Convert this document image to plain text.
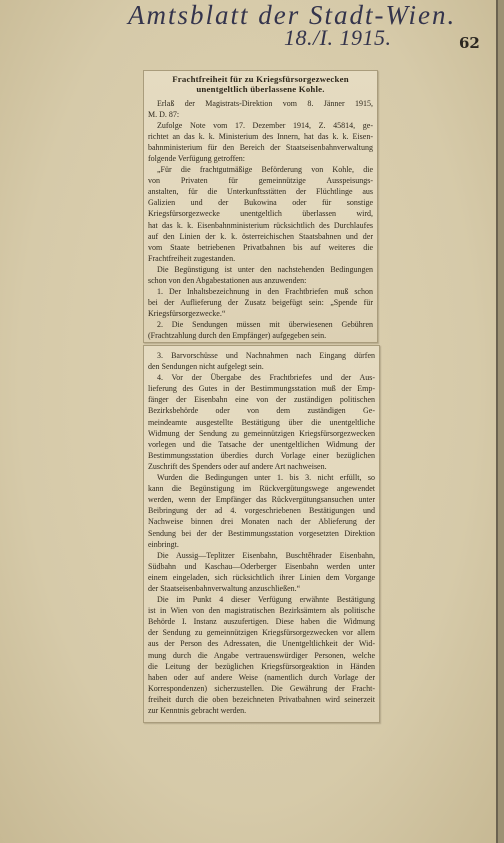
Amtsblatt der Stadt-Wien.
18./I. 1915.	62
Frachtfreiheit für zu Kriegsfürsorgezwecken
unentgeltlich überlassene Kohle.
Erlaß der Magistrats-Direktion vom 8. Jänner 1915,
M. D. 87:
Zufolge Note vom 17. Dezember 1914, Z. 45814, ge-
richtet an das k. k. Ministerium des Innern, hat das k. k. Eisen-
bahnministerium für den Bereich der Staatseisenbahnverwaltung
folgende Verfügung getroffen:
„Für die frachtgutmäßige Beförderung von Kohle, die
von Privaten für gemeinnützige Ausspeisungs-
anstalten, für die Unterkunftsstätten der Flüchtlinge aus
Galizien und der Bukowina oder für sonstige
Kriegsfürsorgezwecke unentgeltlich überlassen wird,
hat das k. k. Eisenbahnministerium rücksichtlich des Durchlaufes
auf den Linien der k. k. österreichischen Staatsbahnen und der
vom Staate betriebenen Privatbahnen bis auf weiteres die
Frachtfreiheit zugestanden.
Die Begünstigung ist unter den nachstehenden Bedingungen
schon von den Abgabestationen aus anzuwenden:
1. Der Inhaltsbezeichnung in den Frachtbriefen muß schon
bei der Auflieferung der Zusatz beigefügt sein: „Spende für
Kriegsfürsorgezwecke.“
2. Die Sendungen müssen mit überwiesenen Gebühren
(Frachtzahlung durch den Empfänger) aufgegeben sein.
3. Barvorschüsse und Nachnahmen nach Eingang dürfen
den Sendungen nicht aufgelegt sein.
4. Vor der Übergabe des Frachtbriefes und der Aus-
lieferung des Gutes in der Bestimmungsstation muß der Emp-
fänger der Eisenbahn eine von der zuständigen politischen
Bezirksbehörde oder von dem zuständigen Ge-
meindeamte ausgestellte Bestätigung über die unentgeltliche
Widmung der Sendung zu gemeinnützigen Kriegsfürsorgezwecken
vorlegen und die Tatsache der unentgeltlichen Widmung der
Bestimmungsstation überdies durch Vorlage einer bezüglichen
Zuschrift des Spenders oder auf andere Art nachweisen.
Wurden die Bedingungen unter 1. bis 3. nicht erfüllt, so
kann die Begünstigung im Rückvergütungswege angewendet
werden, wenn der Empfänger das Rückvergütungsansuchen unter
Beibringung der ad 4. vorgeschriebenen Bestätigungen und
Nachweise binnen drei Monaten nach der Ablieferung der
Sendung bei der der Bestimmungsstation vorgesetzten Direktion
einbringt.
Die Aussig—Teplitzer Eisenbahn, Buschtěhrader Eisenbahn,
Südbahn und Kaschau—Oderberger Eisenbahn werden unter
einem eingeladen, sich rücksichtlich ihrer Linien dem Vorgange
der Staatseisenbahnverwaltung anzuschließen.“
Die im Punkt 4 dieser Verfügung erwähnte Bestätigung
ist in Wien von den magistratischen Bezirksämtern als politische
Behörde I. Instanz auszufertigen. Diese haben die Widmung
der Sendung zu gemeinnützigen Kriegsfürsorgezwecken vor allem
aus der Person des Adressaten, die Unentgeltlichkeit der Wid-
mung durch die Angabe vertrauenswürdiger Personen, welche
die Leitung der bezüglichen Kriegsfürsorgeaktion in Händen
haben oder auf andere Weise (namentlich durch Vorlage der
Korrespondenzen) sicherzustellen. Die Gewährung der Fracht-
freiheit durch die oben bezeichneten Privatbahnen wird seinerzeit
zur Kenntnis gebracht werden.
